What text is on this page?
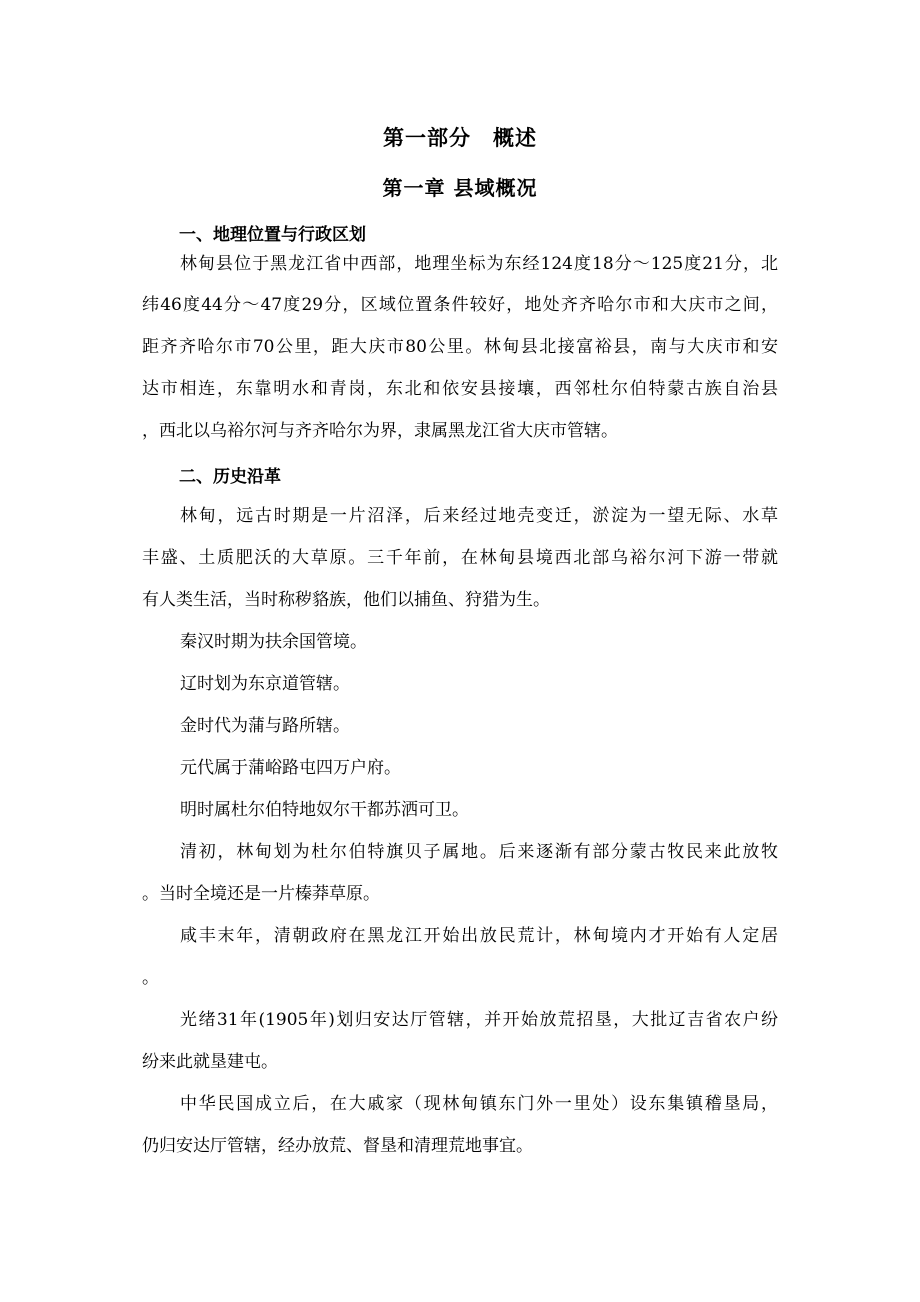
第一部分　概述
第一章 县域概况
一、地理位置与行政区划
林甸县位于黑龙江省中西部，地理坐标为东经124度18分～125度21分，北
纬46度44分～47度29分，区域位置条件较好，地处齐齐哈尔市和大庆市之间，
距齐齐哈尔市70公里，距大庆市80公里。林甸县北接富裕县，南与大庆市和安
达市相连，东靠明水和青岗，东北和依安县接壤，西邻杜尔伯特蒙古族自治县
，西北以乌裕尔河与齐齐哈尔为界，隶属黑龙江省大庆市管辖。
二、历史沿革
林甸，远古时期是一片沼泽，后来经过地壳变迁，淤淀为一望无际、水草
丰盛、土质肥沃的大草原。三千年前，在林甸县境西北部乌裕尔河下游一带就
有人类生活，当时称秽貉族，他们以捕鱼、狩猎为生。
秦汉时期为扶余国管境。
辽时划为东京道管辖。
金时代为蒲与路所辖。
元代属于蒲峪路屯四万户府。
明时属杜尔伯特地奴尔干都苏洒可卫。
清初，林甸划为杜尔伯特旗贝子属地。后来逐渐有部分蒙古牧民来此放牧
。当时全境还是一片榛莽草原。
咸丰末年，清朝政府在黑龙江开始出放民荒计，林甸境内才开始有人定居
。
光绪31年(1905年)划归安达厅管辖，并开始放荒招垦，大批辽吉省农户纷
纷来此就垦建屯。
中华民国成立后，在大戚家（现林甸镇东门外一里处）设东集镇稽垦局，
仍归安达厅管辖，经办放荒、督垦和清理荒地事宜。
